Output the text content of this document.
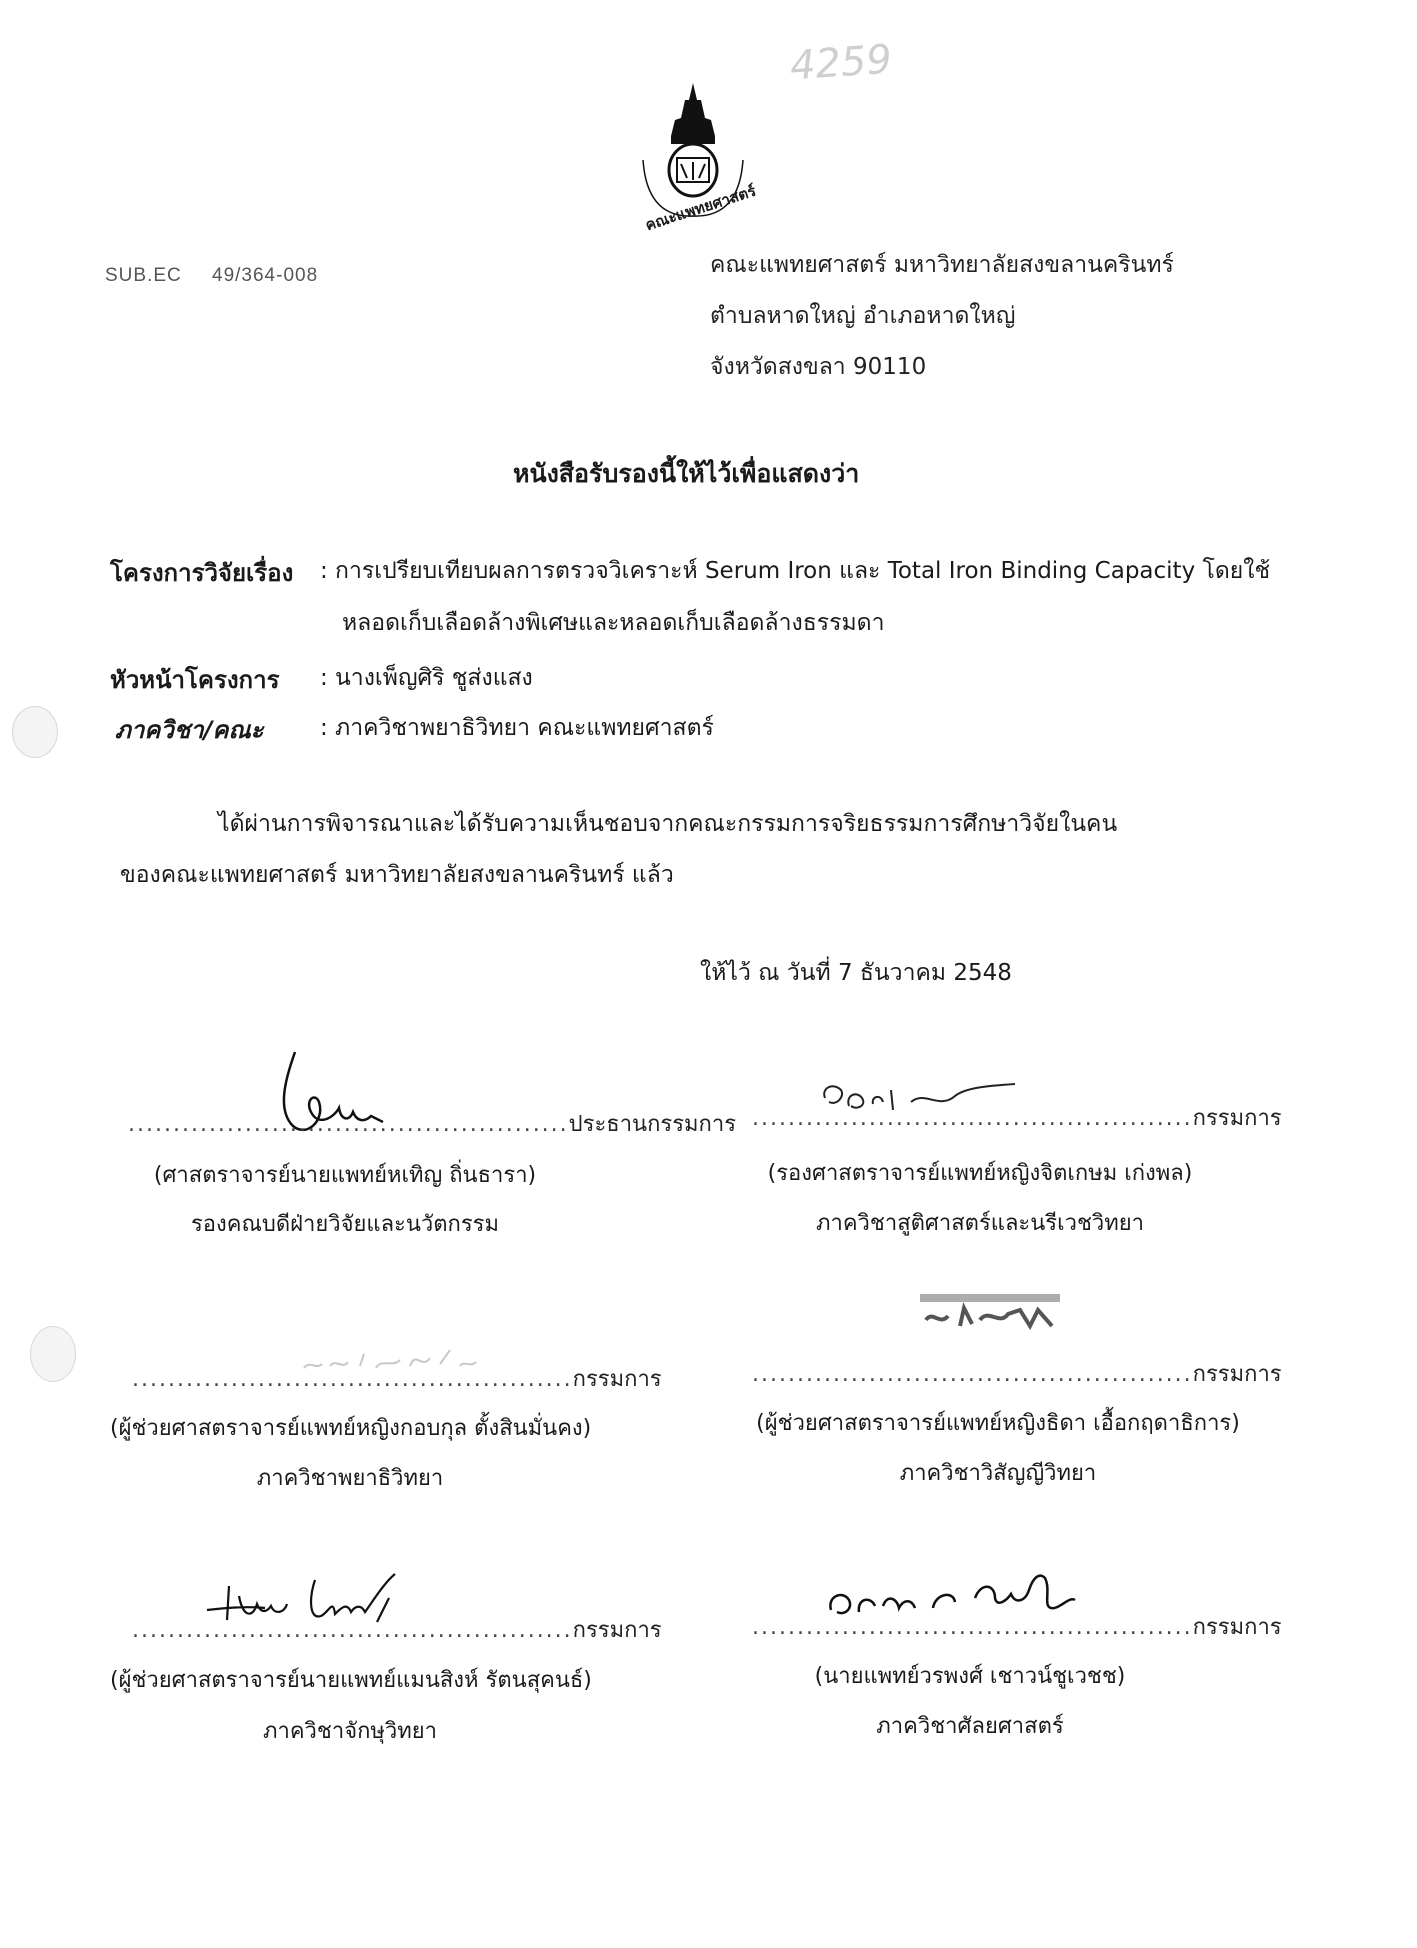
4259
คณะแพทยศาสตร์
SUB.EC 49/364-008	คณะแพทยศาสตร์ มหาวิทยาลัยสงขลานครินทร์
ตำบลหาดใหญ่ อำเภอหาดใหญ่
จังหวัดสงขลา 90110
หนังสือรับรองนี้ให้ไว้เพื่อแสดงว่า
โครงการวิจัยเรื่อง : การเปรียบเทียบผลการตรวจวิเคราะห์ Serum Iron และ Total Iron Binding Capacity โดยใช้
หลอดเก็บเลือดล้างพิเศษและหลอดเก็บเลือดล้างธรรมดา
หัวหน้าโครงการ : นางเพ็ญศิริ ชูส่งแสง
ภาควิชา/คณะ : ภาควิชาพยาธิวิทยา คณะแพทยศาสตร์
ได้ผ่านการพิจารณาและได้รับความเห็นชอบจากคณะกรรมการจริยธรรมการศึกษาวิจัยในคน
ของคณะแพทยศาสตร์ มหาวิทยาลัยสงขลานครินทร์ แล้ว
ให้ไว้ ณ วันที่ 7 ธันวาคม 2548
.................................................ประธานกรรมการ
(ศาสตราจารย์นายแพทย์หเทิญ ถิ่นธารา)
รองคณบดีฝ่ายวิจัยและนวัตกรรม
.................................................กรรมการ
(รองศาสตราจารย์แพทย์หญิงจิตเกษม เก่งพล)
ภาควิชาสูติศาสตร์และนรีเวชวิทยา
.................................................กรรมการ
(ผู้ช่วยศาสตราจารย์แพทย์หญิงกอบกุล ตั้งสินมั่นคง)
ภาควิชาพยาธิวิทยา
.................................................กรรมการ
(ผู้ช่วยศาสตราจารย์แพทย์หญิงธิดา เอื้อกฤดาธิการ)
ภาควิชาวิสัญญีวิทยา
.................................................กรรมการ
(ผู้ช่วยศาสตราจารย์นายแพทย์แมนสิงห์ รัตนสุคนธ์)
ภาควิชาจักษุวิทยา
.................................................กรรมการ
(นายแพทย์วรพงศ์ เชาวน์ชูเวชช)
ภาควิชาศัลยศาสตร์
